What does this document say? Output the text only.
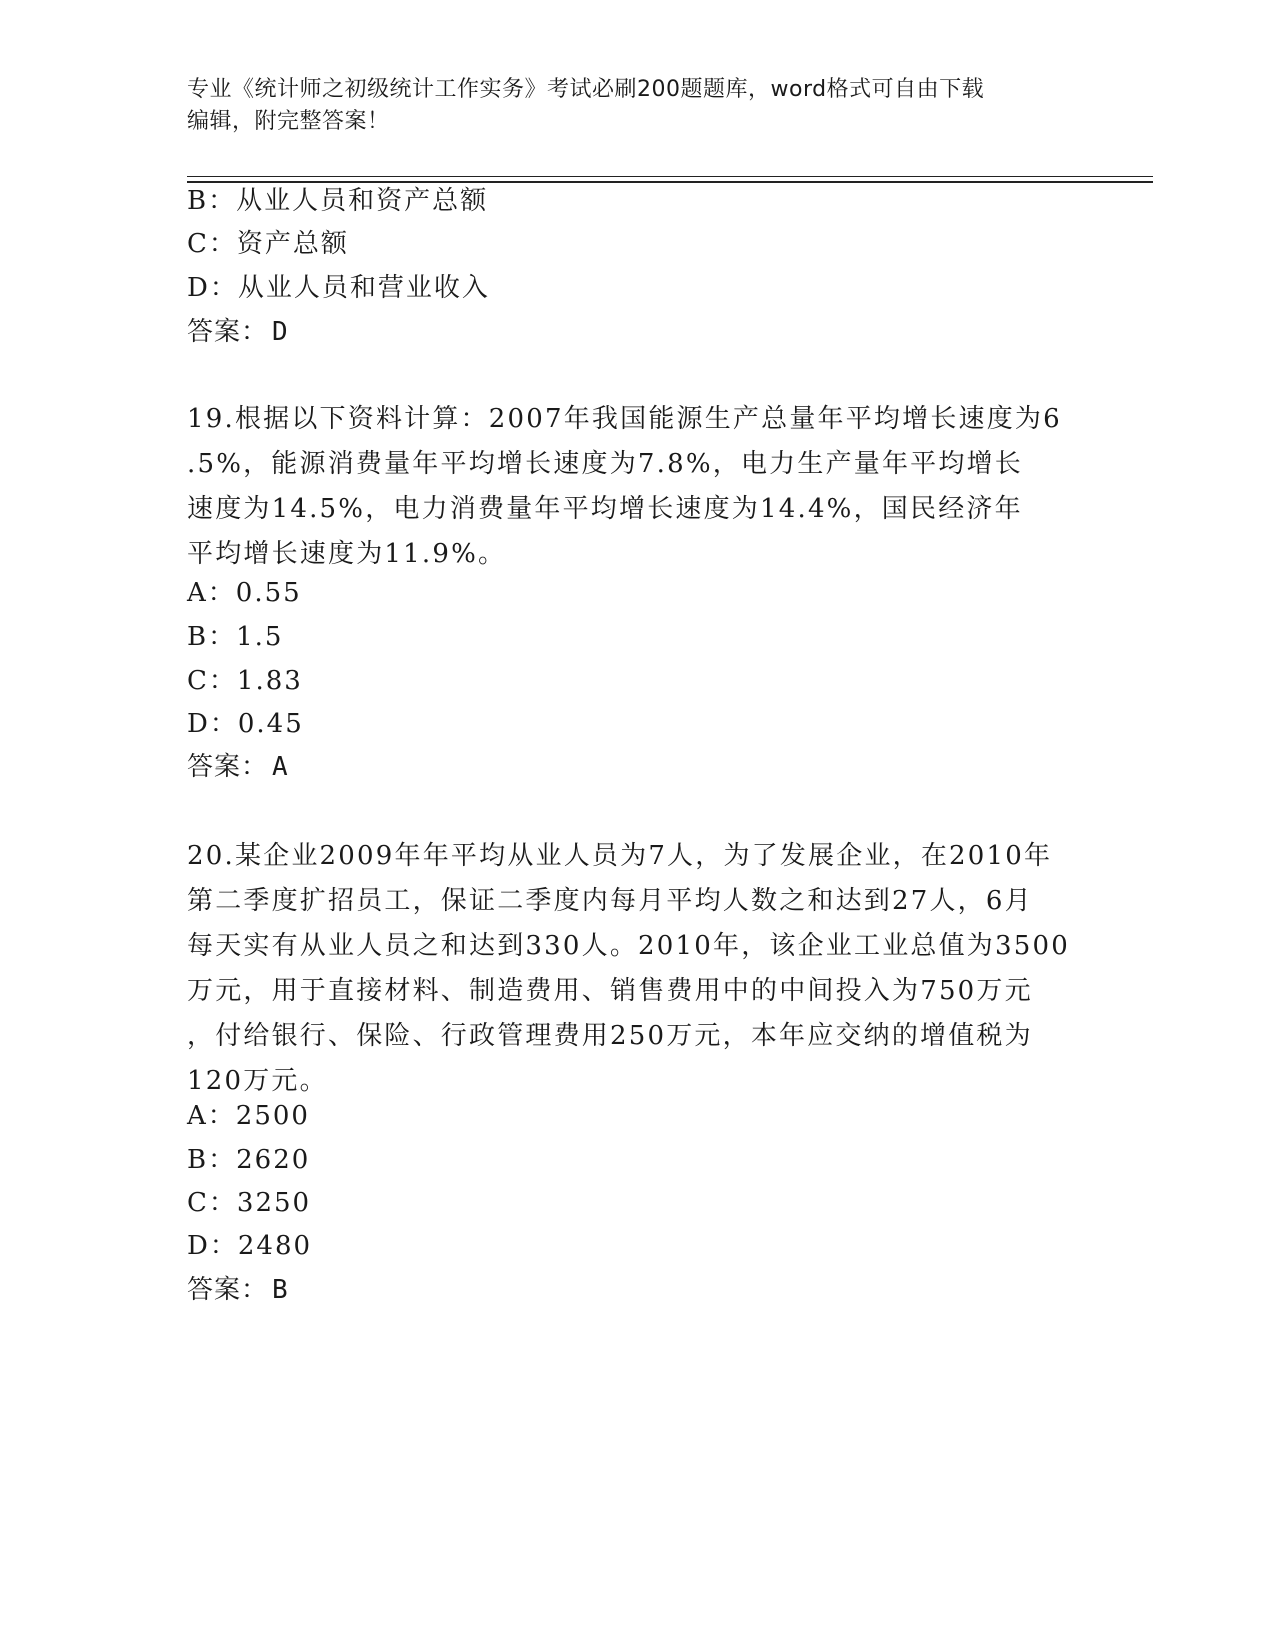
专业《统计师之初级统计工作实务》考试必刷200题题库，word格式可自由下载
编辑，附完整答案！
B：从业人员和资产总额
C：资产总额
D：从业人员和营业收入
答案： D
19.根据以下资料计算：2007年我国能源生产总量年平均增长速度为6
.5%，能源消费量年平均增长速度为7.8%，电力生产量年平均增长
速度为14.5%，电力消费量年平均增长速度为14.4%，国民经济年
平均增长速度为11.9%。
A：0.55
B：1.5
C：1.83
D：0.45
答案： A
20.某企业2009年年平均从业人员为7人，为了发展企业，在2010年
第二季度扩招员工，保证二季度内每月平均人数之和达到27人，6月
每天实有从业人员之和达到330人。2010年，该企业工业总值为3500
万元，用于直接材料、制造费用、销售费用中的中间投入为750万元
，付给银行、保险、行政管理费用250万元，本年应交纳的增值税为
120万元。
A：2500
B：2620
C：3250
D：2480
答案： B
